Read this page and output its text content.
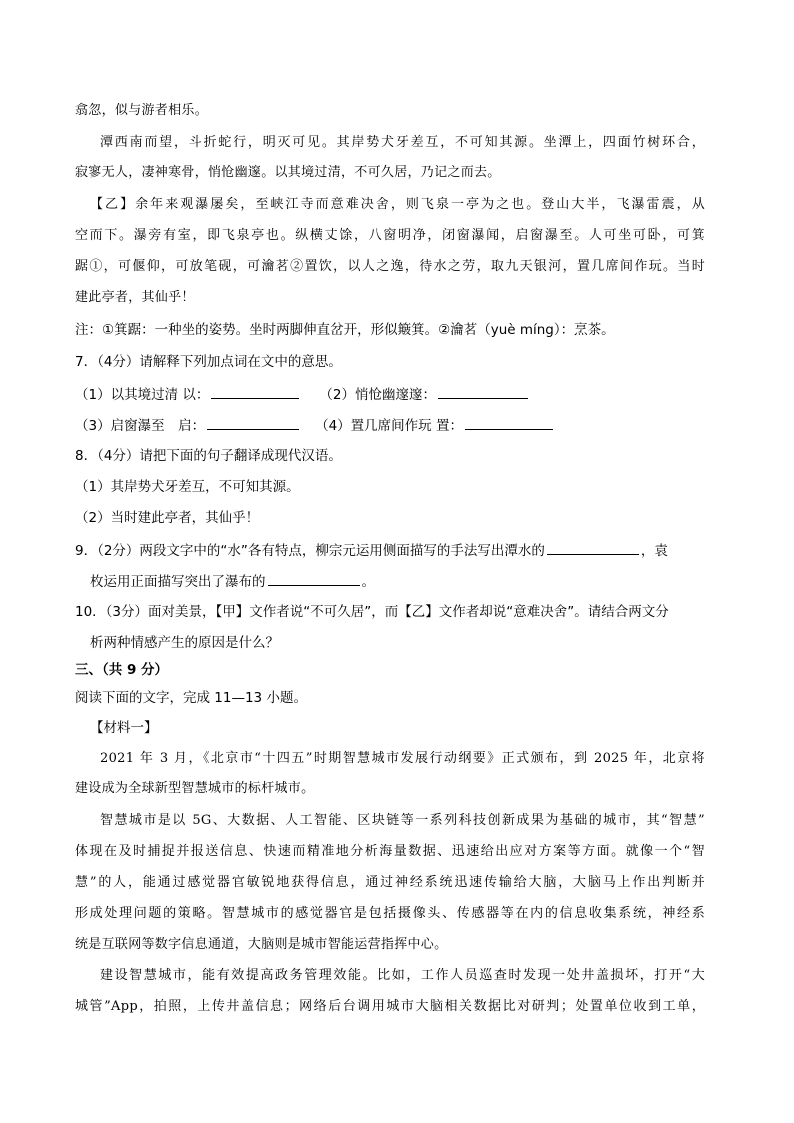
翕忽，似与游者相乐。
潭西南而望，斗折蛇行，明灭可见。其岸势犬牙差互，不可知其源。坐潭上，四面竹树环合，
寂寥无人，凄神寒骨，悄怆幽邃。以其境过清，不可久居，乃记之而去。
【乙】余年来观瀑屡矣，至峡江寺而意难决舍，则飞泉一亭为之也。登山大半，飞瀑雷震，从
空而下。瀑旁有室，即飞泉亭也。纵横丈馀，八窗明净，闭窗瀑闻，启窗瀑至。人可坐可卧，可箕
踞①，可偃仰，可放笔砚，可瀹茗②置饮，以人之逸，待水之劳，取九天银河，置几席间作玩。当时
建此亭者，其仙乎！
注：①箕踞：一种坐的姿势。坐时两脚伸直岔开，形似簸箕。②瀹茗（yuè míng）：烹茶。
7．（4分）请解释下列加点词在文中的意思。
（1）以其境过清 以：	（2）悄怆幽邃邃：
（3）启窗瀑至　启：	（4）置几席间作玩 置：
8．（4分）请把下面的句子翻译成现代汉语。
（1）其岸势犬牙差互，不可知其源。
（2）当时建此亭者，其仙乎！
9．（2分）两段文字中的“水”各有特点，柳宗元运用侧面描写的手法写出潭水的	，袁
枚运用正面描写突出了瀑布的	。
10．（3分）面对美景，【甲】文作者说“不可久居”，而【乙】文作者却说“意难决舍”。请结合两文分
析两种情感产生的原因是什么？
三、（共 9 分）
阅读下面的文字，完成 11—13 小题。
【材料一】
2021 年 3 月，《北京市“十四五”时期智慧城市发展行动纲要》正式颁布，到 2025 年，北京将
建设成为全球新型智慧城市的标杆城市。
智慧城市是以 5G、大数据、人工智能、区块链等一系列科技创新成果为基础的城市，其“智慧”
体现在及时捕捉并报送信息、快速而精准地分析海量数据、迅速给出应对方案等方面。就像一个“智
慧”的人，能通过感觉器官敏锐地获得信息，通过神经系统迅速传输给大脑，大脑马上作出判断并
形成处理问题的策略。智慧城市的感觉器官是包括摄像头、传感器等在内的信息收集系统，神经系
统是互联网等数字信息通道，大脑则是城市智能运营指挥中心。
建设智慧城市，能有效提高政务管理效能。比如，工作人员巡查时发现一处井盖损坏，打开“大
城管”App，拍照，上传井盖信息；网络后台调用城市大脑相关数据比对研判；处置单位收到工单，
